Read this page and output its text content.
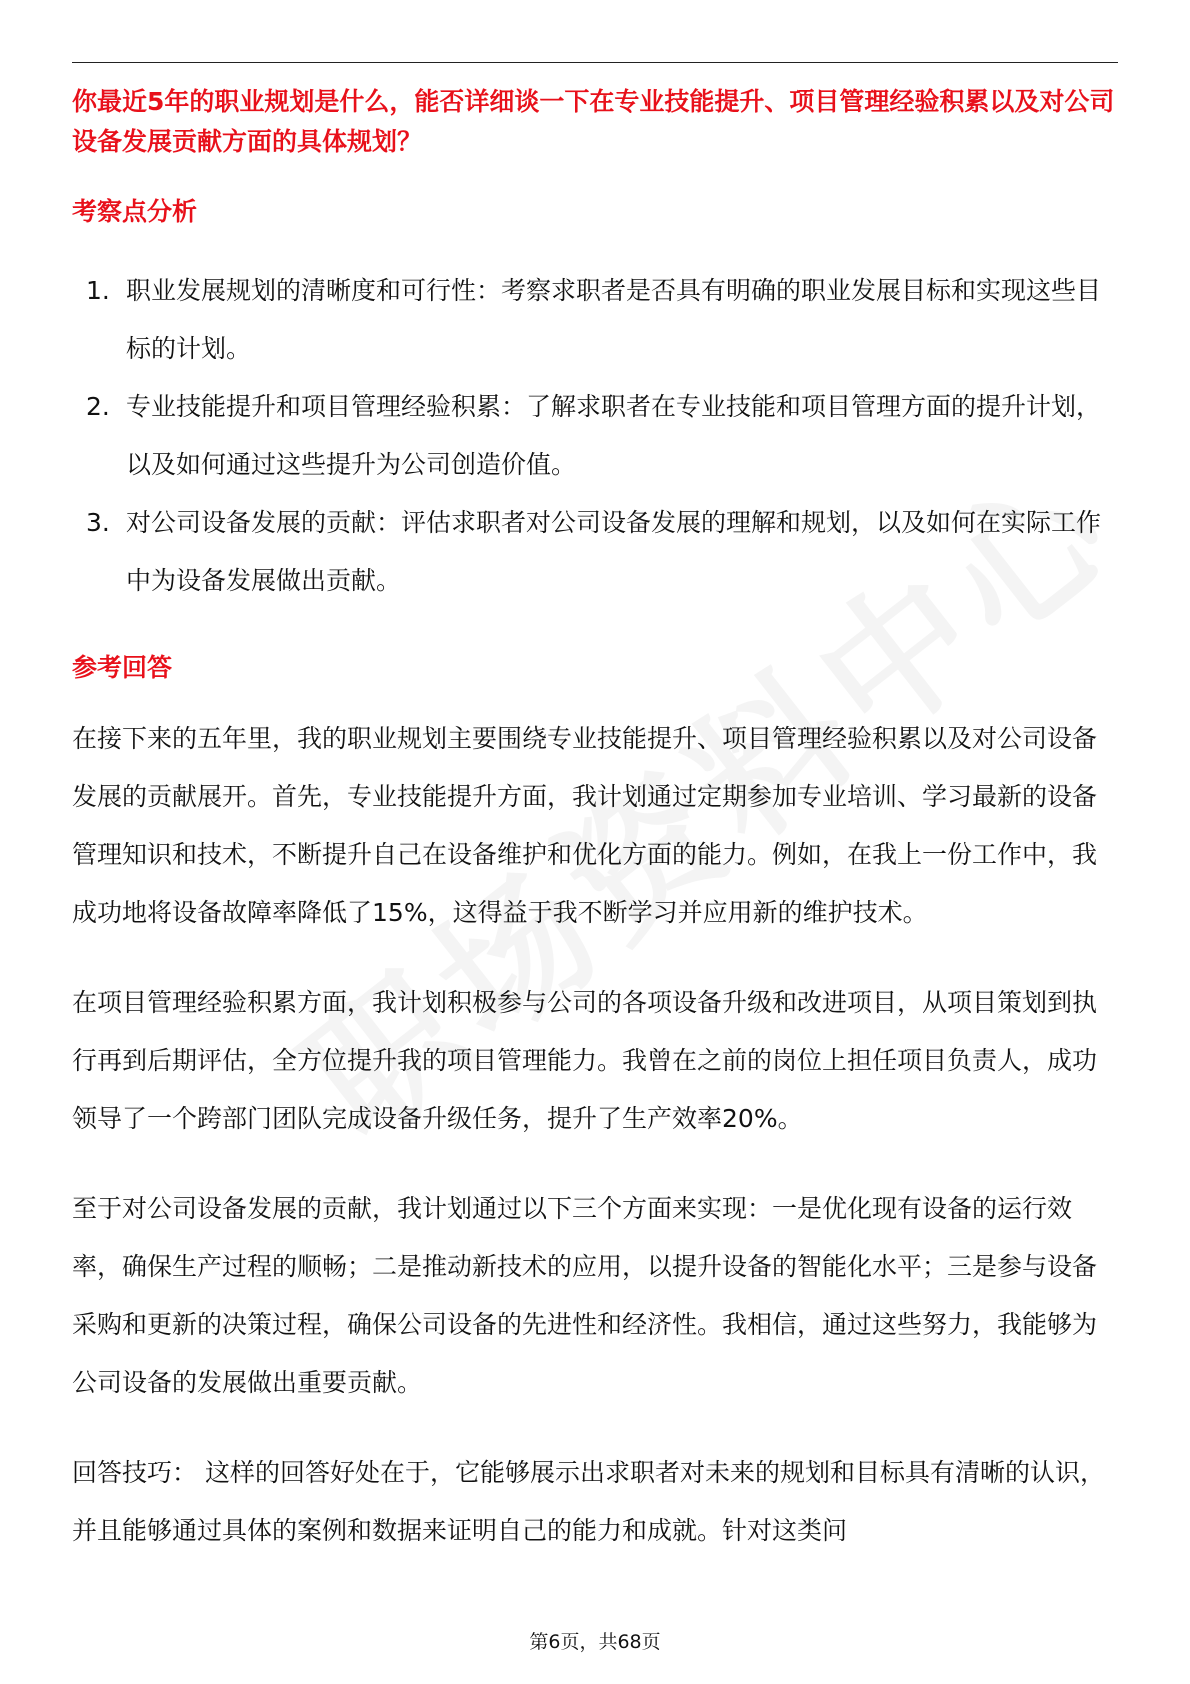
你最近5年的职业规划是什么，能否详细谈一下在专业技能提升、项目管理经验积累以及对公司设备发展贡献方面的具体规划？

考察点分析
1. 职业发展规划的清晰度和可行性：考察求职者是否具有明确的职业发展目标和实现这些目标的计划。
2. 专业技能提升和项目管理经验积累：了解求职者在专业技能和项目管理方面的提升计划，以及如何通过这些提升为公司创造价值。
3. 对公司设备发展的贡献：评估求职者对公司设备发展的理解和规划，以及如何在实际工作中为设备发展做出贡献。
参考回答

在接下来的五年里，我的职业规划主要围绕专业技能提升、项目管理经验积累以及对公司设备发展的贡献展开。首先，专业技能提升方面，我计划通过定期参加专业培训、学习最新的设备管理知识和技术，不断提升自己在设备维护和优化方面的能力。例如，在我上一份工作中，我成功地将设备故障率降低了15%，这得益于我不断学习并应用新的维护技术。

在项目管理经验积累方面，我计划积极参与公司的各项设备升级和改进项目，从项目策划到执行再到后期评估，全方位提升我的项目管理能力。我曾在之前的岗位上担任项目负责人，成功领导了一个跨部门团队完成设备升级任务，提升了生产效率20%。

至于对公司设备发展的贡献，我计划通过以下三个方面来实现：一是优化现有设备的运行效率，确保生产过程的顺畅；二是推动新技术的应用，以提升设备的智能化水平；三是参与设备采购和更新的决策过程，确保公司设备的先进性和经济性。我相信，通过这些努力，我能够为公司设备的发展做出重要贡献。

回答技巧： 这样的回答好处在于，它能够展示出求职者对未来的规划和目标具有清晰的认识，并且能够通过具体的案例和数据来证明自己的能力和成就。针对这类问

第6页，共68页
